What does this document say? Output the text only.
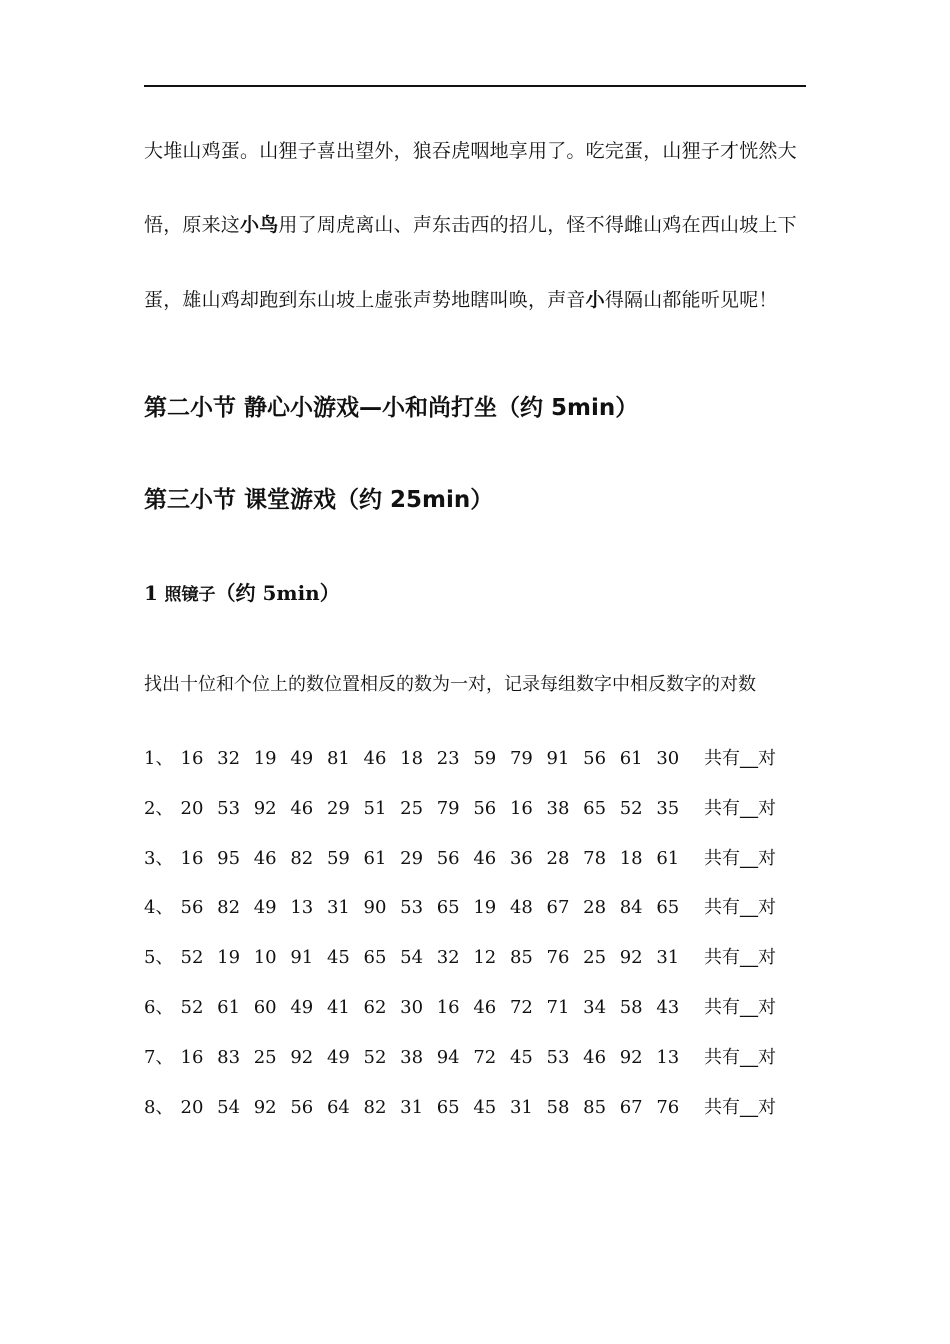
大堆山鸡蛋。山狸子喜出望外，狼吞虎咽地享用了。吃完蛋，山狸子才恍然大
悟，原来这小鸟用了周虎离山、声东击西的招儿，怪不得雌山鸡在西山坡上下
蛋，雄山鸡却跑到东山坡上虚张声势地瞎叫唤，声音小得隔山都能听见呢！
第二小节 静心小游戏—小和尚打坐（约 5min）
第三小节 课堂游戏（约 25min）
1 照镜子（约 5min）
找出十位和个位上的数位置相反的数为一对，记录每组数字中相反数字的对数
1、 16 32 19 49 81 46 18 23 59 79 91 56 61 30 共有__对
2、 20 53 92 46 29 51 25 79 56 16 38 65 52 35 共有__对
3、 16 95 46 82 59 61 29 56 46 36 28 78 18 61 共有__对
4、 56 82 49 13 31 90 53 65 19 48 67 28 84 65 共有__对
5、 52 19 10 91 45 65 54 32 12 85 76 25 92 31 共有__对
6、 52 61 60 49 41 62 30 16 46 72 71 34 58 43 共有__对
7、 16 83 25 92 49 52 38 94 72 45 53 46 92 13 共有__对
8、 20 54 92 56 64 82 31 65 45 31 58 85 67 76 共有__对
